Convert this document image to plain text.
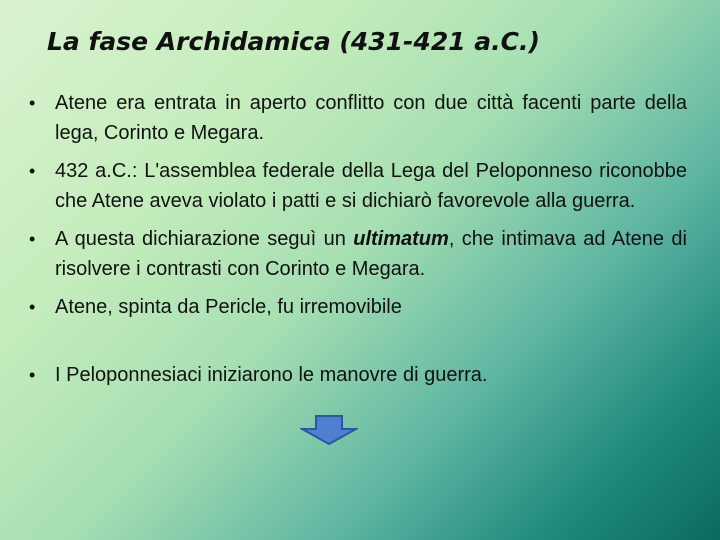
La fase Archidamica (431-421 a.C.)
• Atene era entrata in aperto conflitto con due città facenti parte della lega, Corinto e Megara.
• 432 a.C.: L'assemblea federale della Lega del Peloponneso riconobbe che Atene aveva violato i patti e si dichiarò favorevole alla guerra.
• A questa dichiarazione seguì un ultimatum, che intimava ad Atene di risolvere i contrasti con Corinto e Megara.
• Atene, spinta da Pericle, fu irremovibile
• I Peloponnesiaci iniziarono le manovre di guerra.
